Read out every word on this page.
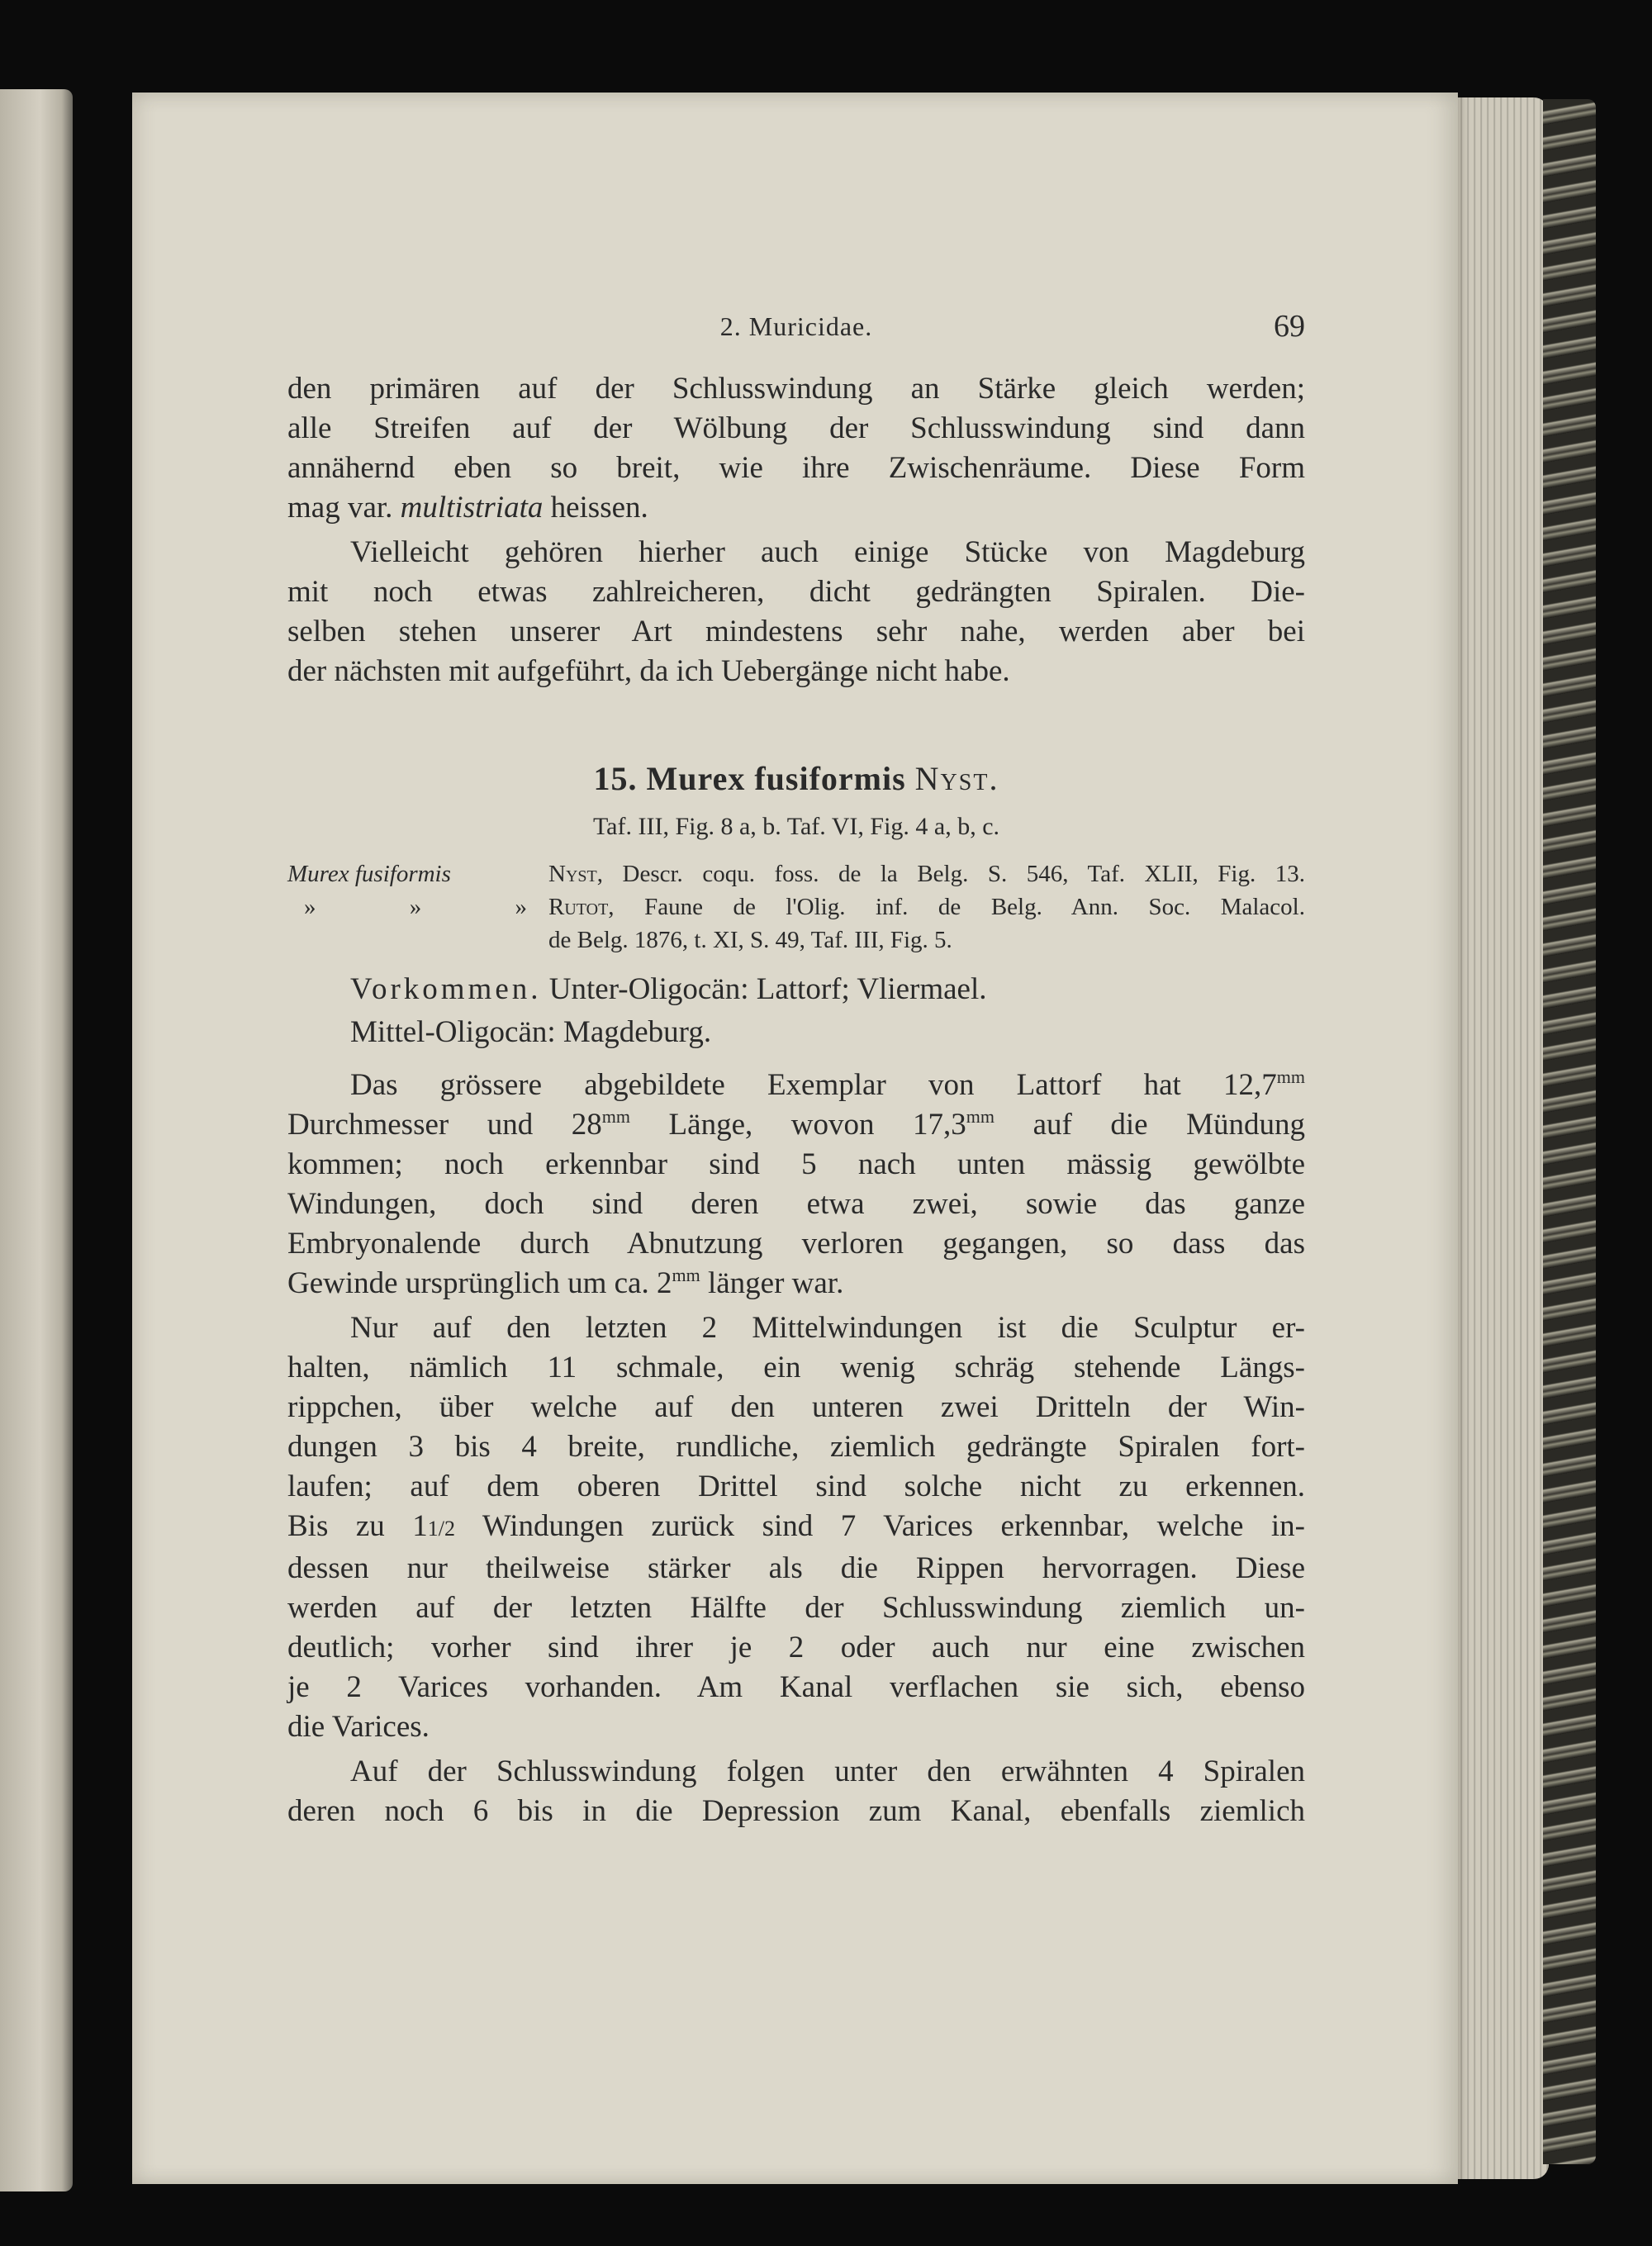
2. Muricidae.	69
den primären auf der Schlusswindung an Stärke gleich werden;
alle Streifen auf der Wölbung der Schlusswindung sind dann
annähernd eben so breit, wie ihre Zwischenräume. Diese Form
mag var. multistriata heissen.
Vielleicht gehören hierher auch einige Stücke von Magdeburg
mit noch etwas zahlreicheren, dicht gedrängten Spiralen. Die-
selben stehen unserer Art mindestens sehr nahe, werden aber bei
der nächsten mit aufgeführt, da ich Uebergänge nicht habe.
15. Murex fusiformis Nyst.
Taf. III, Fig. 8 a, b. Taf. VI, Fig. 4 a, b, c.
Murex fusiformis	Nyst, Descr. coqu. foss. de la Belg. S. 546, Taf. XLII, Fig. 13.
»	»	» Rutot, Faune de l'Olig. inf. de Belg. Ann. Soc. Malacol.
de Belg. 1876, t. XI, S. 49, Taf. III, Fig. 5.
Vorkommen. Unter-Oligocän: Lattorf; Vliermael.
Mittel-Oligocän: Magdeburg.
Das grössere abgebildete Exemplar von Lattorf hat $12,7^{mm}$
Durchmesser und $28^{mm}$ Länge, wovon $17,3^{mm}$ auf die Mündung
kommen; noch erkennbar sind 5 nach unten mässig gewölbte
Windungen, doch sind deren etwa zwei, sowie das ganze
Embryonalende durch Abnutzung verloren gegangen, so dass das
Gewinde ursprünglich um ca. $2^{mm}$ länger war.
Nur auf den letzten 2 Mittelwindungen ist die Sculptur er-
halten, nämlich 11 schmale, ein wenig schräg stehende Längs-
rippchen, über welche auf den unteren zwei Dritteln der Win-
dungen 3 bis 4 breite, rundliche, ziemlich gedrängte Spiralen fort-
laufen; auf dem oberen Drittel sind solche nicht zu erkennen.
Bis zu 11/2 Windungen zurück sind 7 Varices erkennbar, welche in-
dessen nur theilweise stärker als die Rippen hervorragen. Diese
werden auf der letzten Hälfte der Schlusswindung ziemlich un-
deutlich; vorher sind ihrer je 2 oder auch nur eine zwischen
je 2 Varices vorhanden. Am Kanal verflachen sie sich, ebenso
die Varices.
Auf der Schlusswindung folgen unter den erwähnten 4 Spiralen
deren noch 6 bis in die Depression zum Kanal, ebenfalls ziemlich
